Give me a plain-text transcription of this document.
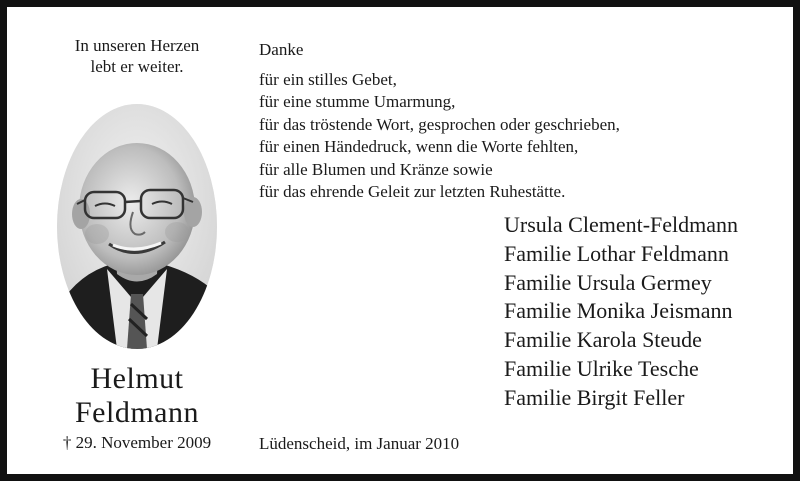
In unseren Herzen
lebt er weiter.
Helmut
Feldmann
† 29. November 2009
Danke
für ein stilles Gebet,
für eine stumme Umarmung,
für das tröstende Wort, gesprochen oder geschrieben,
für einen Händedruck, wenn die Worte fehlten,
für alle Blumen und Kränze sowie
für das ehrende Geleit zur letzten Ruhestätte.
Ursula Clement-Feldmann
Familie Lothar Feldmann
Familie Ursula Germey
Familie Monika Jeismann
Familie Karola Steude
Familie Ulrike Tesche
Familie Birgit Feller
Lüdenscheid, im Januar 2010
